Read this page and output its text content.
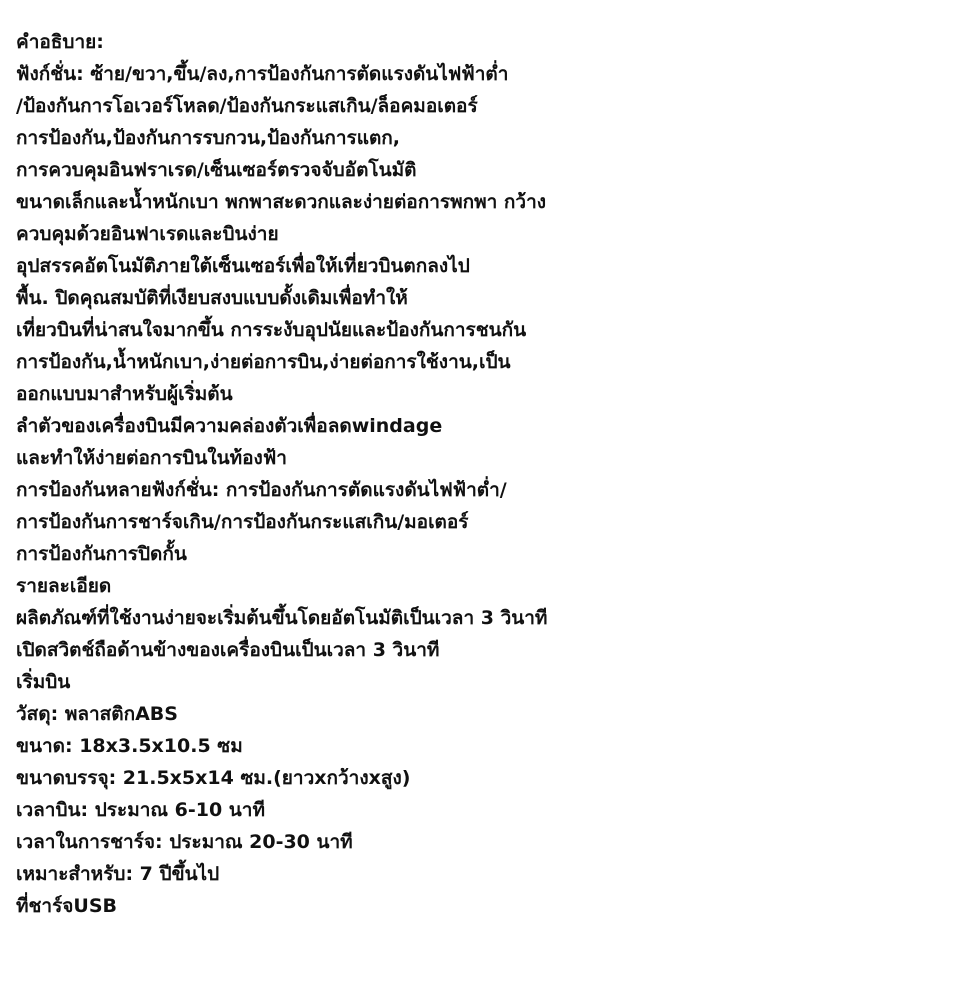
คำอธิบาย:
ฟังก์ชั่น: ซ้าย/ขวา,ขึ้น/ลง,การป้องกันการตัดแรงดันไฟฟ้าต่ำ
/ป้องกันการโอเวอร์โหลด/ป้องกันกระแสเกิน/ล็อคมอเตอร์
การป้องกัน,ป้องกันการรบกวน,ป้องกันการแตก,
การควบคุมอินฟราเรด/เซ็นเซอร์ตรวจจับอัตโนมัติ
ขนาดเล็กและน้ำหนักเบา พกพาสะดวกและง่ายต่อการพกพา กว้าง
ควบคุมด้วยอินฟาเรดและบินง่าย
อุปสรรคอัตโนมัติภายใต้เซ็นเซอร์เพื่อให้เที่ยวบินตกลงไป
พื้น. ปิดคุณสมบัติที่เงียบสงบแบบดั้งเดิมเพื่อทำให้
เที่ยวบินที่น่าสนใจมากขึ้น การระงับอุปนัยและป้องกันการชนกัน
การป้องกัน,น้ำหนักเบา,ง่ายต่อการบิน,ง่ายต่อการใช้งาน,เป็น
ออกแบบมาสำหรับผู้เริ่มต้น
ลำตัวของเครื่องบินมีความคล่องตัวเพื่อลดwindage
และทำให้ง่ายต่อการบินในท้องฟ้า
การป้องกันหลายฟังก์ชั่น: การป้องกันการตัดแรงดันไฟฟ้าต่ำ/
การป้องกันการชาร์จเกิน/การป้องกันกระแสเกิน/มอเตอร์
การป้องกันการปิดกั้น
รายละเอียด
ผลิตภัณฑ์ที่ใช้งานง่ายจะเริ่มต้นขึ้นโดยอัตโนมัติเป็นเวลา 3 วินาที
เปิดสวิตช์ถือด้านข้างของเครื่องบินเป็นเวลา 3 วินาที
เริ่มบิน
วัสดุ: พลาสติกABS
ขนาด: 18x3.5x10.5 ซม
ขนาดบรรจุ: 21.5x5x14 ซม.(ยาวxกว้างxสูง)
เวลาบิน: ประมาณ 6-10 นาที
เวลาในการชาร์จ: ประมาณ 20-30 นาที
เหมาะสำหรับ: 7 ปีขึ้นไป
ที่ชาร์จUSB
